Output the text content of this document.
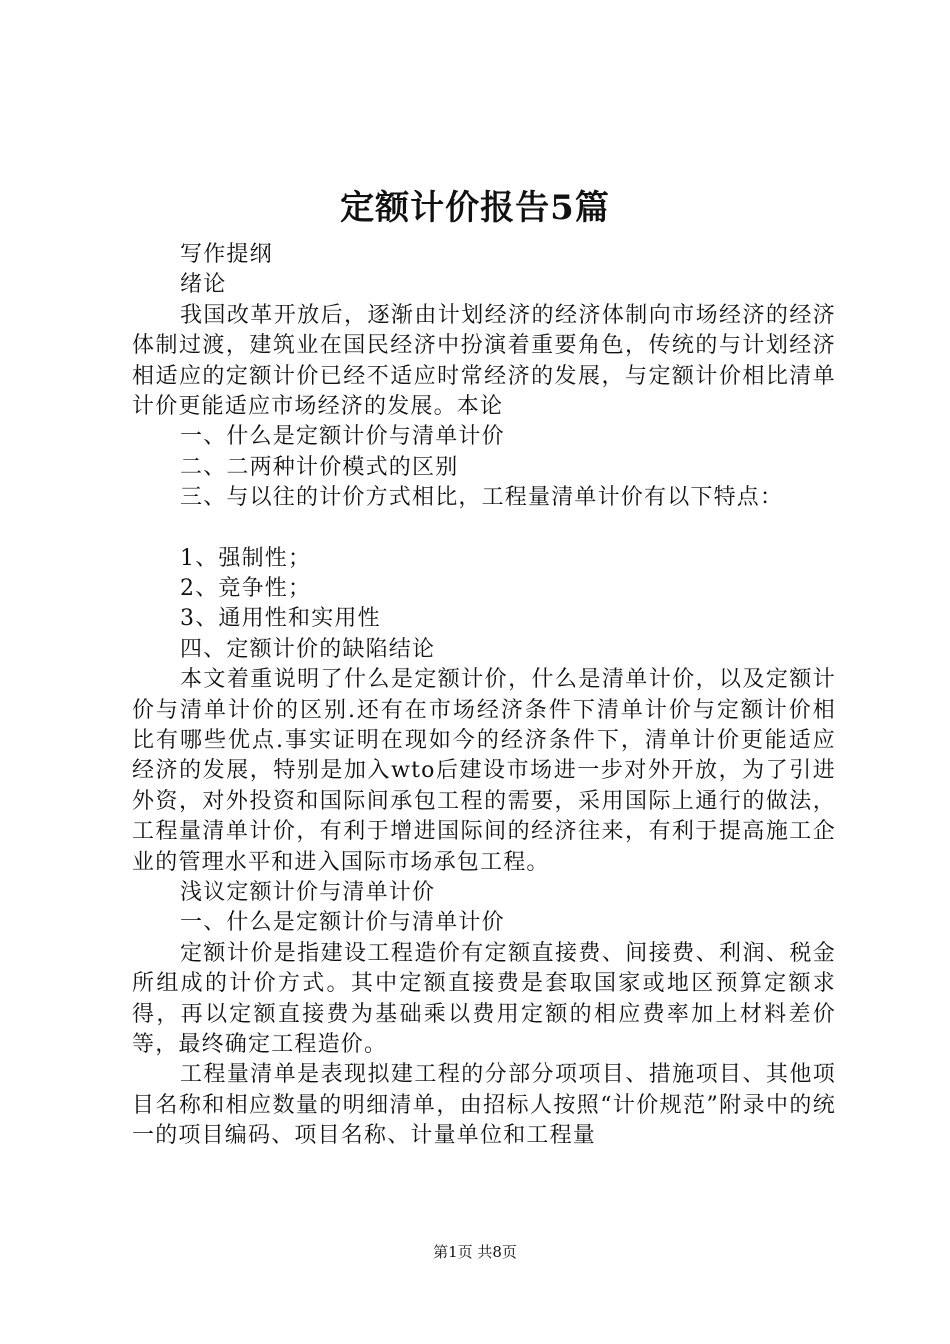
定额计价报告5篇
写作提纲
绪论
我国改革开放后，逐渐由计划经济的经济体制向市场经济的经济体制过渡，建筑业在国民经济中扮演着重要角色，传统的与计划经济相适应的定额计价已经不适应时常经济的发展，与定额计价相比清单计价更能适应市场经济的发展。本论
一、什么是定额计价与清单计价
二、二两种计价模式的区别
三、与以往的计价方式相比，工程量清单计价有以下特点：
1、强制性；
2、竞争性；
3、通用性和实用性
四、定额计价的缺陷结论
本文着重说明了什么是定额计价，什么是清单计价，以及定额计价与清单计价的区别.还有在市场经济条件下清单计价与定额计价相比有哪些优点.事实证明在现如今的经济条件下，清单计价更能适应经济的发展，特别是加入wto后建设市场进一步对外开放，为了引进外资，对外投资和国际间承包工程的需要，采用国际上通行的做法，工程量清单计价，有利于增进国际间的经济往来，有利于提高施工企业的管理水平和进入国际市场承包工程。
浅议定额计价与清单计价
一、什么是定额计价与清单计价
定额计价是指建设工程造价有定额直接费、间接费、利润、税金所组成的计价方式。其中定额直接费是套取国家或地区预算定额求得，再以定额直接费为基础乘以费用定额的相应费率加上材料差价等，最终确定工程造价。
工程量清单是表现拟建工程的分部分项项目、措施项目、其他项目名称和相应数量的明细清单，由招标人按照“计价规范”附录中的统一的项目编码、项目名称、计量单位和工程量
第1页 共8页
